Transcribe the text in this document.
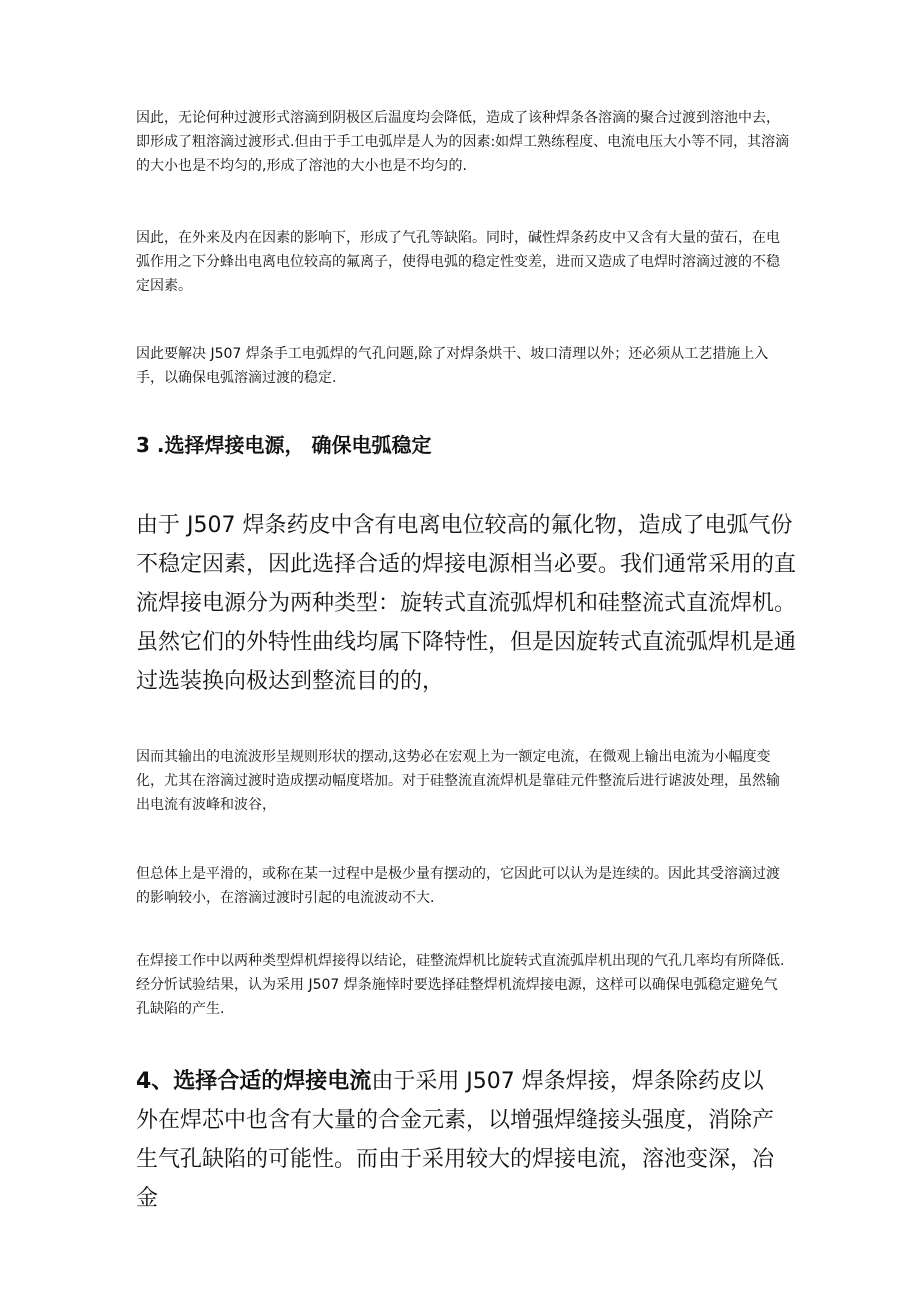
因此，无论何种过渡形式溶滴到阴极区后温度均会降低，造成了该种焊条各溶滴的聚合过渡到溶池中去，即形成了粗溶滴过渡形式.但由于手工电弧岸是人为的因素:如焊工熟练程度、电流电压大小等不同，其溶滴的大小也是不均匀的,形成了溶池的大小也是不均匀的.

因此，在外来及内在因素的影响下，形成了气孔等缺陷。同时，碱性焊条药皮中又含有大量的萤石，在电弧作用之下分蜂出电离电位较高的氟离子，使得电弧的稳定性变差，进而又造成了电焊时溶滴过渡的不稳定因素。

因此要解决 J507 焊条手工电弧焊的气孔问题,除了对焊条烘干、坡口清理以外；还必须从工艺措施上入手，以确保电弧溶滴过渡的稳定.

3 .选择焊接电源， 确保电弧稳定

由于 J507 焊条药皮中含有电离电位较高的氟化物，造成了电弧气份不稳定因素，因此选择合适的焊接电源相当必要。我们通常采用的直流焊接电源分为两种类型：旋转式直流弧焊机和硅整流式直流焊机。虽然它们的外特性曲线均属下降特性，但是因旋转式直流弧焊机是通过选装换向极达到整流目的的，

因而其输出的电流波形呈规则形状的摆动,这势必在宏观上为一额定电流，在微观上输出电流为小幅度变化，尤其在溶滴过渡时造成摆动幅度塔加。对于硅整流直流焊机是靠硅元件整流后进行谑波处理，虽然输出电流有波峰和波谷，

但总体上是平滑的，或称在某一过程中是极少量有摆动的，它因此可以认为是连续的。因此其受溶滴过渡的影响较小，在溶滴过渡时引起的电流波动不大.

在焊接工作中以两种类型焊机焊接得以结论，硅整流焊机比旋转式直流弧岸机出现的气孔几率均有所降低.经分忻试验结果，认为采用 J507 焊条施悻时要选择硅整焊机流焊接电源，这样可以确保电弧稳定避免气孔缺陷的产生.

4、选择合适的焊接电流由于采用 J507 焊条焊接，焊条除药皮以外在焊芯中也含有大量的合金元素，以增强焊缝接头强度，消除产生气孔缺陷的可能性。而由于采用较大的焊接电流，溶池变深，冶金
